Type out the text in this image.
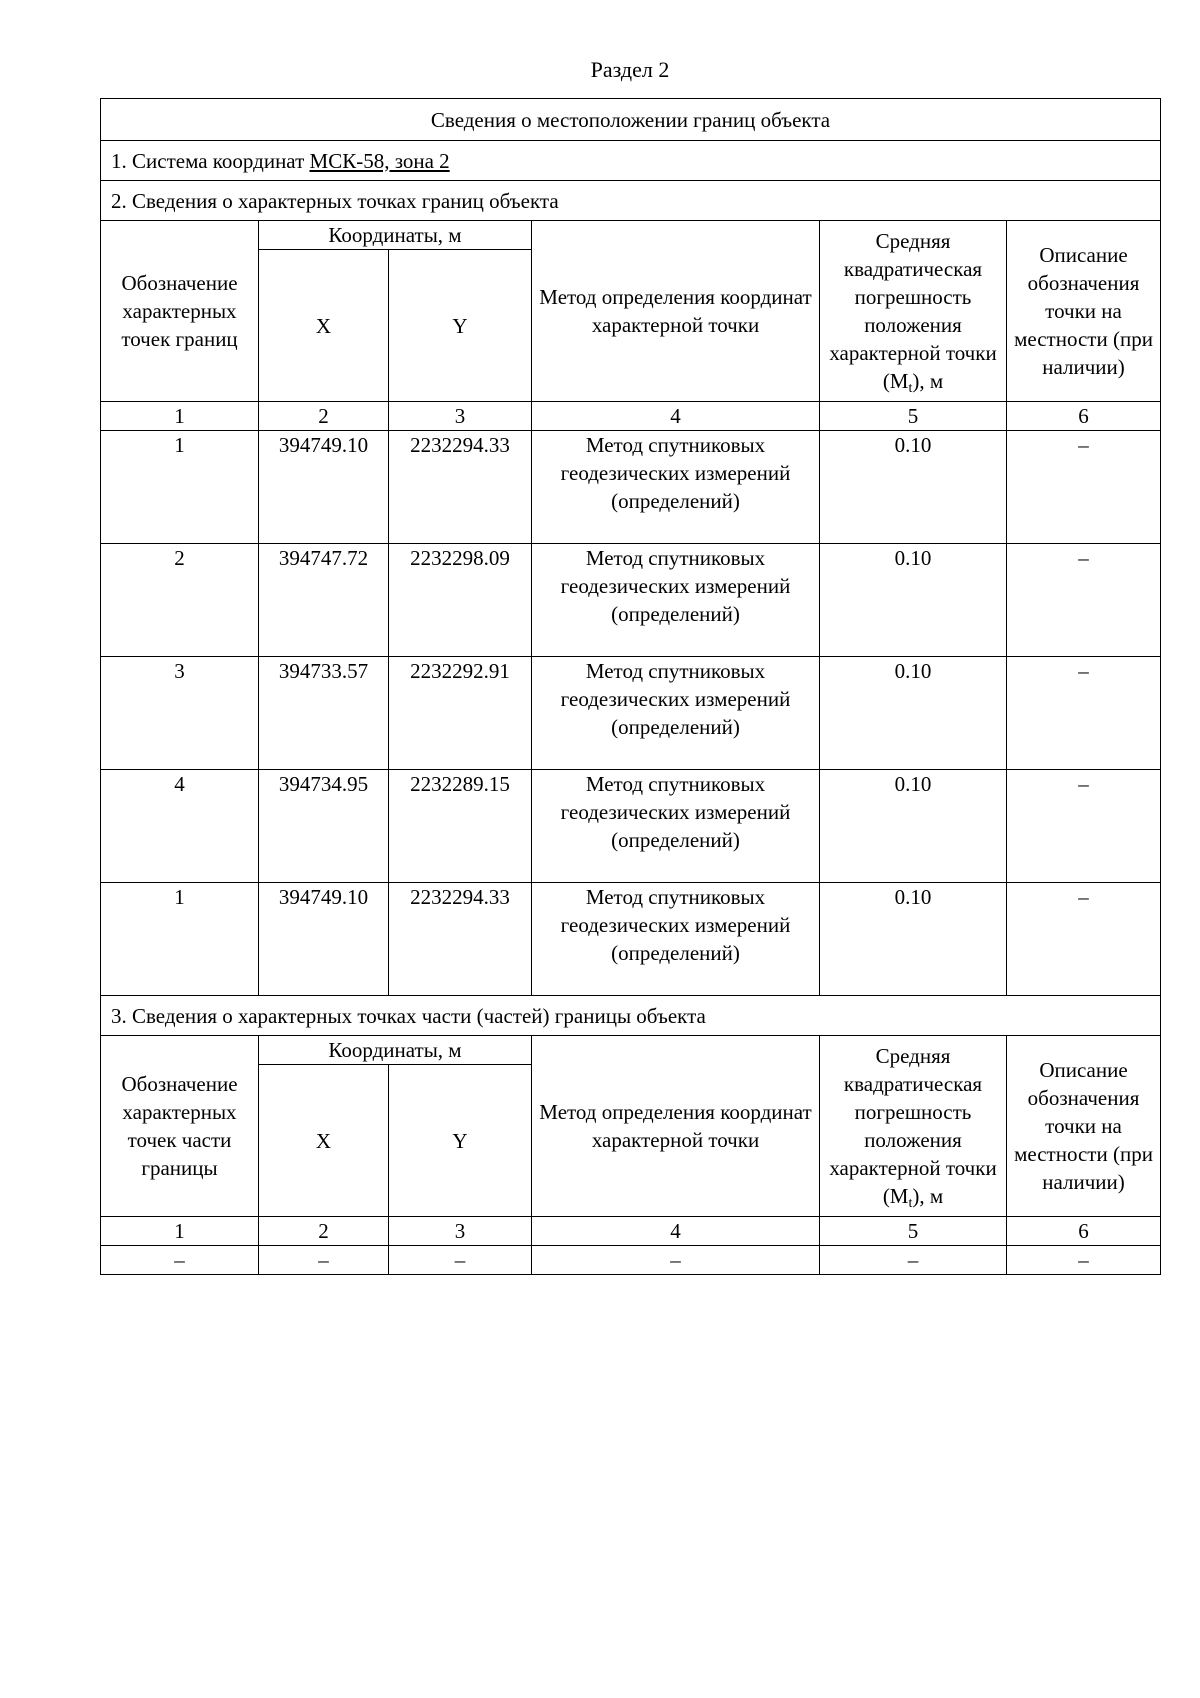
Раздел 2
Сведения о местоположении границ объекта					
1. Система координат МСК-58, зона 2					
2. Сведения о характерных точках границ объекта					
Обозначение характерных точек границ	Координаты, м		Метод определения координат характерной точки	Средняя квадратическая погрешность положения характерной точки $(M_t)$, м	Описание обозначения точки на местности (при наличии)
	X	Y			
1	2	3	4	5	6
1	394749.10	2232294.33	Метод спутниковых геодезических измерений (определений)	0.10	–
2	394747.72	2232298.09	Метод спутниковых геодезических измерений (определений)	0.10	–
3	394733.57	2232292.91	Метод спутниковых геодезических измерений (определений)	0.10	–
4	394734.95	2232289.15	Метод спутниковых геодезических измерений (определений)	0.10	–
1	394749.10	2232294.33	Метод спутниковых геодезических измерений (определений)	0.10	–
3. Сведения о характерных точках части (частей) границы объекта					
Обозначение характерных точек части границы	Координаты, м		Метод определения координат характерной точки	Средняя квадратическая погрешность положения характерной точки $(M_t)$, м	Описание обозначения точки на местности (при наличии)
	X	Y			
1	2	3	4	5	6
–	–	–	–	–	–
